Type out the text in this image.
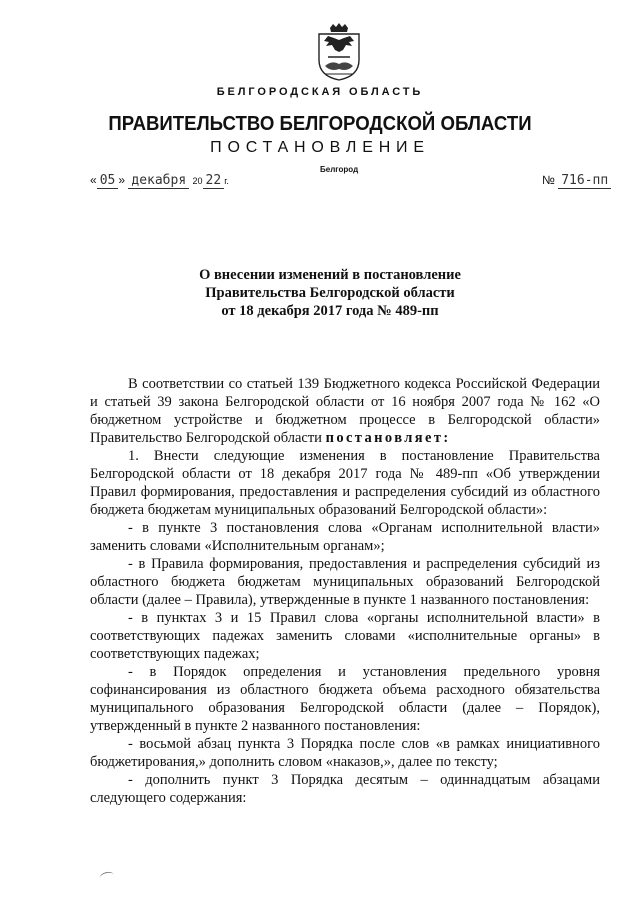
БЕЛГОРОДСКАЯ ОБЛАСТЬ
ПРАВИТЕЛЬСТВО БЕЛГОРОДСКОЙ ОБЛАСТИ
ПОСТАНОВЛЕНИЕ
Белгород
« 05 » декабря 20 22 г.	№ 716-пп
О внесении изменений в постановление
Правительства Белгородской области
от 18 декабря 2017 года № 489-пп

В соответствии со статьей 139 Бюджетного кодекса Российской Федерации и статьей 39 закона Белгородской области от 16 ноября 2007 года № 162 «О бюджетном устройстве и бюджетном процессе в Белгородской области» Правительство Белгородской области постановляет:

1. Внести следующие изменения в постановление Правительства Белгородской области от 18 декабря 2017 года № 489-пп «Об утверждении Правил формирования, предоставления и распределения субсидий из областного бюджета бюджетам муниципальных образований Белгородской области»:

- в пункте 3 постановления слова «Органам исполнительной власти» заменить словами «Исполнительным органам»;

- в Правила формирования, предоставления и распределения субсидий из областного бюджета бюджетам муниципальных образований Белгородской области (далее – Правила), утвержденные в пункте 1 названного постановления:

- в пунктах 3 и 15 Правил слова «органы исполнительной власти» в соответствующих падежах заменить словами «исполнительные органы» в соответствующих падежах;

- в Порядок определения и установления предельного уровня софинансирования из областного бюджета объема расходного обязательства муниципального образования Белгородской области (далее – Порядок), утвержденный в пункте 2 названного постановления:

- восьмой абзац пункта 3 Порядка после слов «в рамках инициативного бюджетирования,» дополнить словом «наказов,», далее по тексту;

- дополнить пункт 3 Порядка десятым – одиннадцатым абзацами следующего содержания:
